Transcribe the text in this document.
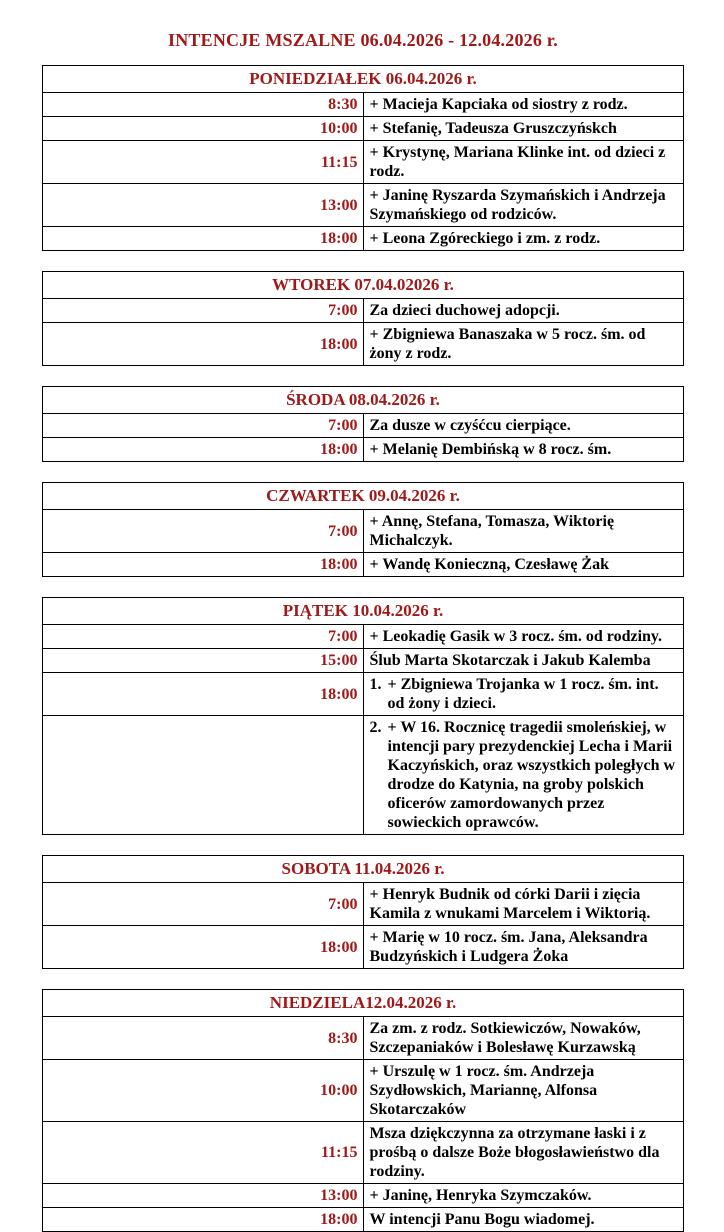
INTENCJE MSZALNE 06.04.2026 - 12.04.2026 r.
PONIEDZIAŁEK 06.04.2026 r.	
8:30	+ Macieja Kapciaka od siostry z rodz.
10:00	+ Stefanię, Tadeusza Gruszczyńskch
11:15	+ Krystynę, Mariana Klinke int. od dzieci z rodz.
13:00	+ Janinę Ryszarda Szymańskich i Andrzeja Szymańskiego od rodziców.
18:00	+ Leona Zgóreckiego i zm. z rodz.
WTOREK 07.04.02026 r.	
7:00	Za dzieci duchowej adopcji.
18:00	+ Zbigniewa Banaszaka w 5 rocz. śm. od żony z rodz.
ŚRODA 08.04.2026 r.	
7:00	Za dusze w czyśćcu cierpiące.
18:00	+ Melanię Dembińską w 8 rocz. śm.
CZWARTEK 09.04.2026 r.	
7:00	+ Annę, Stefana, Tomasza, Wiktorię Michalczyk.
18:00	+ Wandę Konieczną, Czesławę Żak
PIĄTEK 10.04.2026 r.	
7:00	+ Leokadię Gasik w 3 rocz. śm. od rodziny.
15:00	Ślub Marta Skotarczak i Jakub Kalemba
18:00	1. + Zbigniewa Trojanka w 1 rocz. śm. int. od żony i dzieci.

	2. + W 16. Rocznicę tragedii smoleńskiej, w intencji pary prezydenckiej Lecha i Marii Kaczyńskich, oraz wszystkich poległych w drodze do Katynia, na groby polskich oficerów zamordowanych przez sowieckich oprawców.
SOBOTA 11.04.2026 r.	
7:00	+ Henryk Budnik od córki Darii i zięcia Kamila z wnukami Marcelem i Wiktorią.
18:00	+ Marię w 10 rocz. śm. Jana, Aleksandra Budzyńskich i Ludgera Żoka
NIEDZIELA12.04.2026 r.	
8:30	Za zm. z rodz. Sotkiewiczów, Nowaków, Szczepaniaków i Bolesławę Kurzawską
10:00	+ Urszulę w 1 rocz. śm. Andrzeja Szydłowskich, Mariannę, Alfonsa Skotarczaków
11:15	Msza dziękczynna za otrzymane łaski i z prośbą o dalsze Boże błogosławieństwo dla rodziny.
13:00	+ Janinę, Henryka Szymczaków.
18:00	W intencji Panu Bogu wiadomej.
